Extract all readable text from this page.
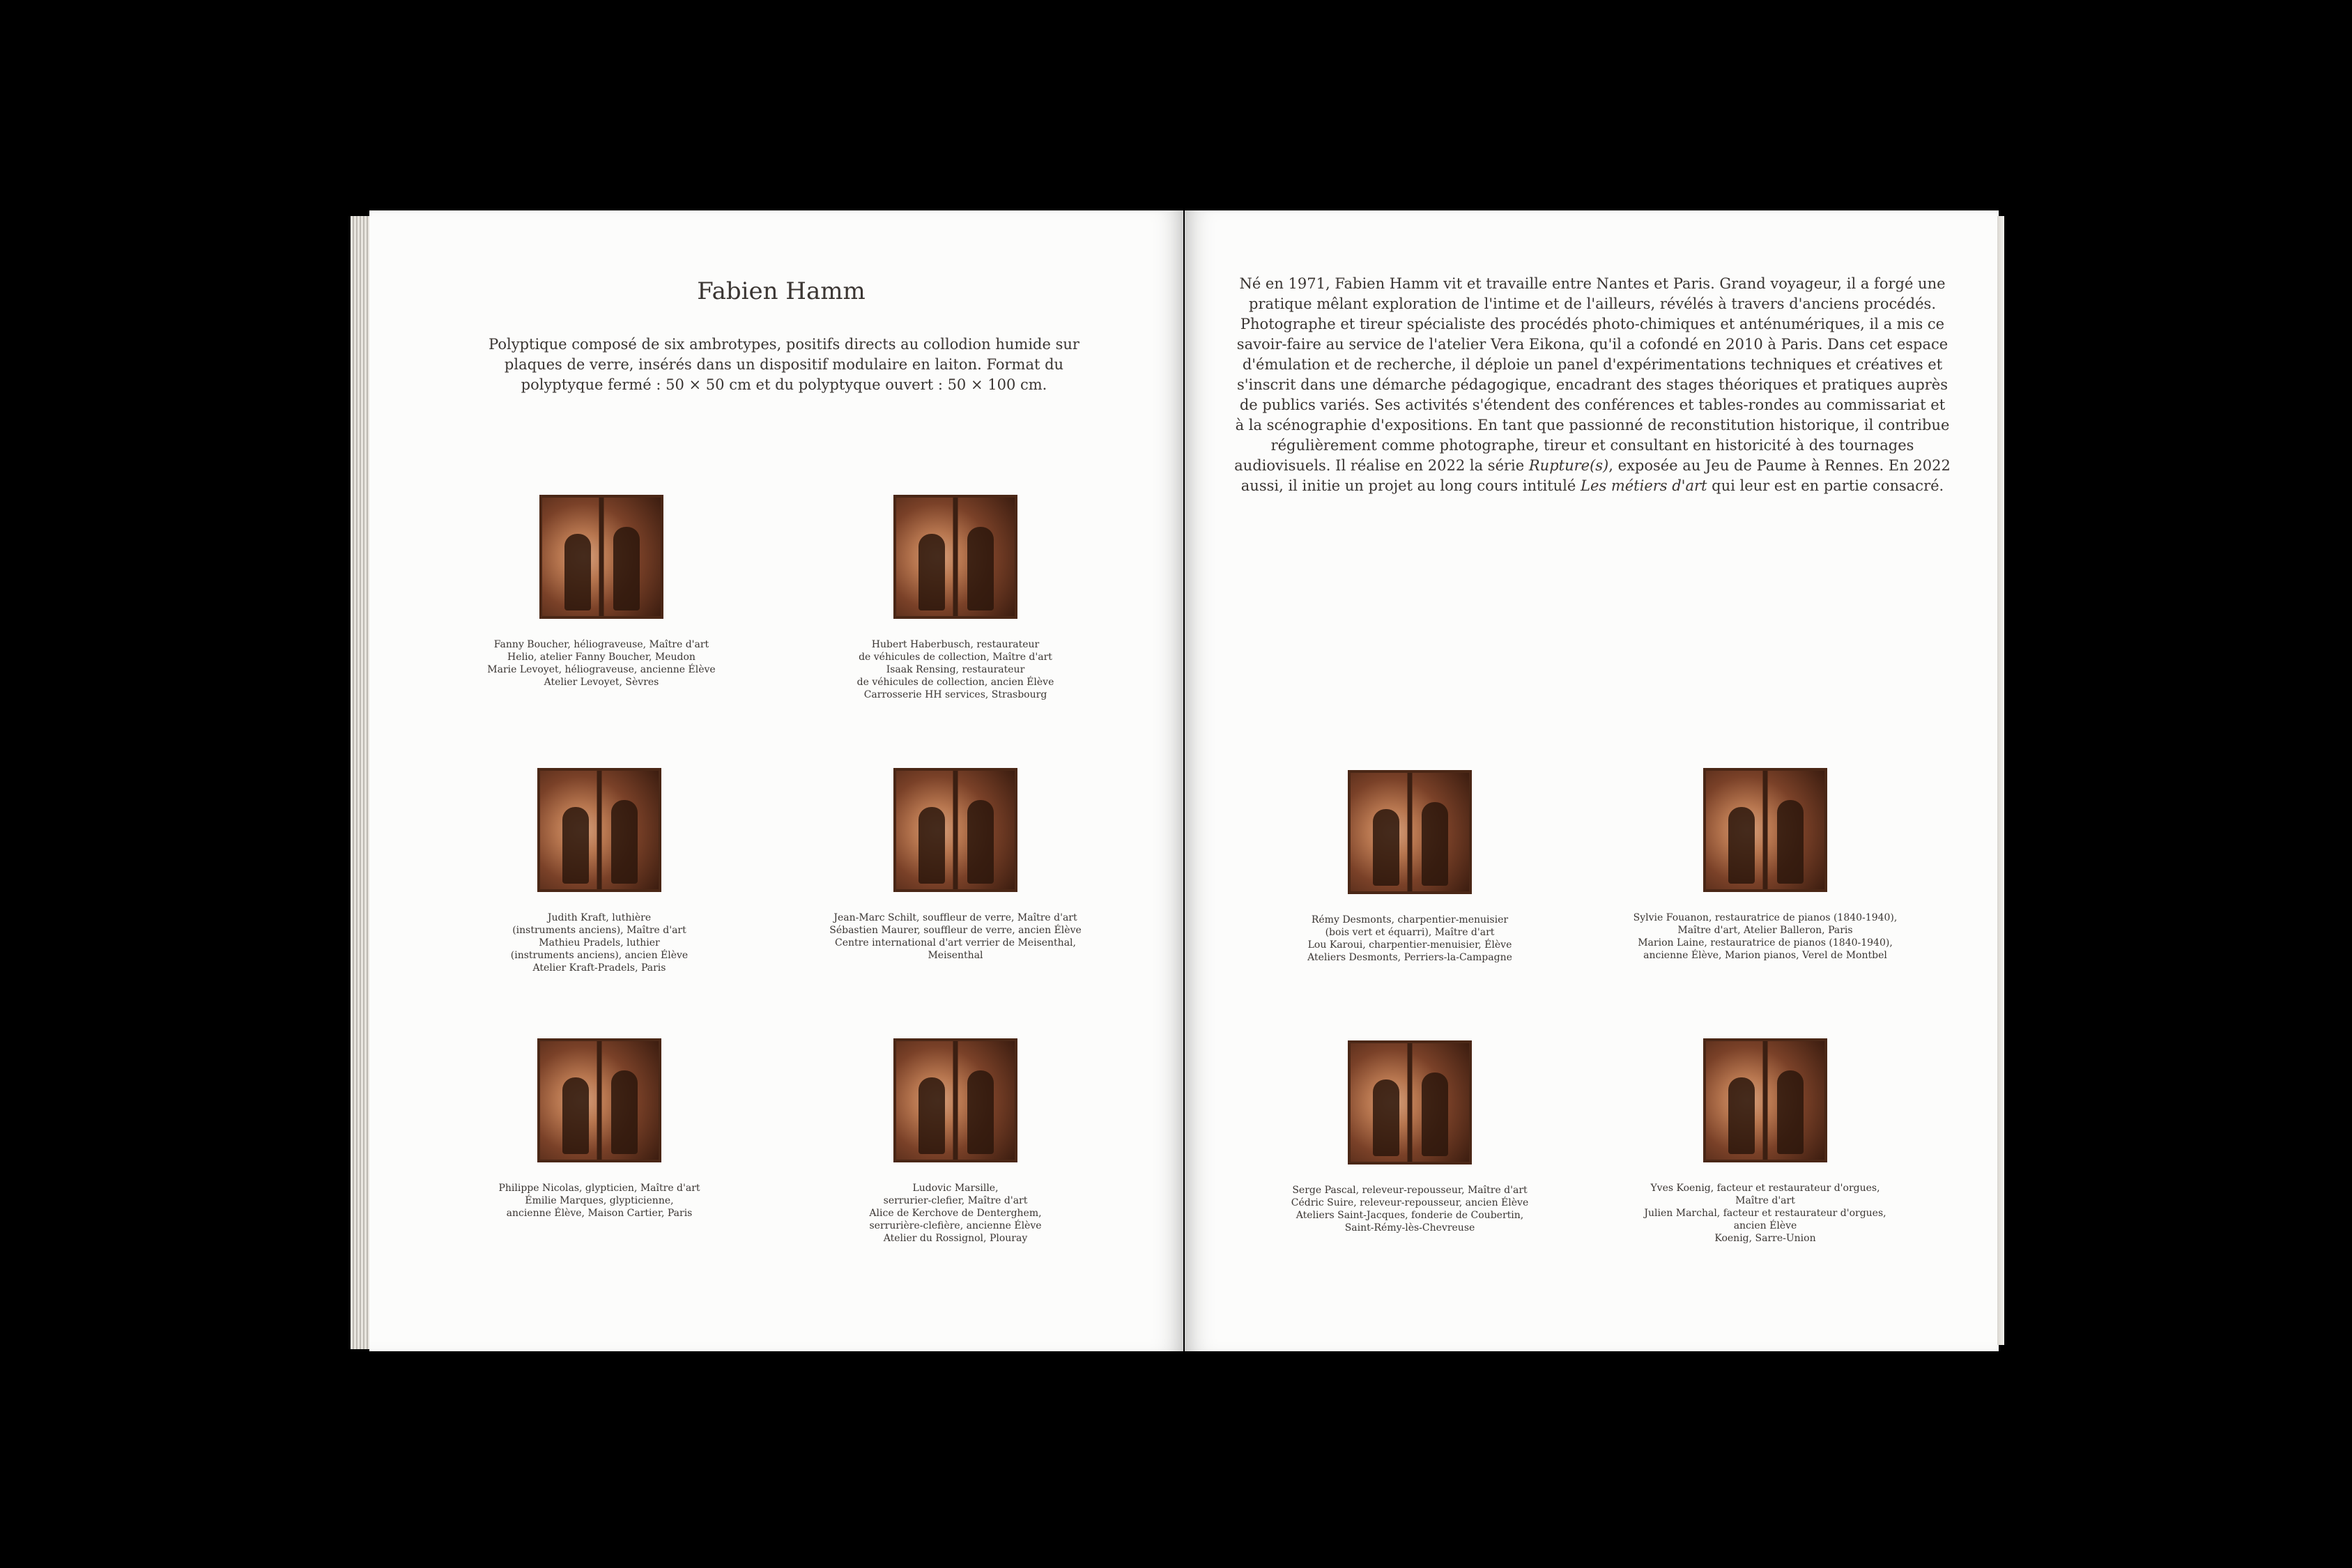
Fabien Hamm
Polyptique composé de six ambrotypes, positifs directs au collodion humide sur plaques de verre, insérés dans un dispositif modulaire en laiton. Format du polyptyque fermé : 50 × 50 cm et du polyptyque ouvert : 50 × 100 cm.
Fanny Boucher, héliograveuse, Maître d'art
Helio, atelier Fanny Boucher, Meudon
Marie Levoyet, héliograveuse, ancienne Élève
Atelier Levoyet, Sèvres
Hubert Haberbusch, restaurateur
de véhicules de collection, Maître d'art
Isaak Rensing, restaurateur
de véhicules de collection, ancien Élève
Carrosserie HH services, Strasbourg
Judith Kraft, luthière
(instruments anciens), Maître d'art
Mathieu Pradels, luthier
(instruments anciens), ancien Élève
Atelier Kraft-Pradels, Paris
Jean-Marc Schilt, souffleur de verre, Maître d'art
Sébastien Maurer, souffleur de verre, ancien Élève
Centre international d'art verrier de Meisenthal,
Meisenthal
Philippe Nicolas, glypticien, Maître d'art
Émilie Marques, glypticienne,
ancienne Élève, Maison Cartier, Paris
Ludovic Marsille,
serrurier-clefier, Maître d'art
Alice de Kerchove de Denterghem,
serrurière-clefière, ancienne Élève
Atelier du Rossignol, Plouray
Né en 1971, Fabien Hamm vit et travaille entre Nantes et Paris. Grand voyageur, il a forgé une pratique mêlant exploration de l'intime et de l'ailleurs, révélés à travers d'anciens procédés. Photographe et tireur spécialiste des procédés photo-chimiques et anténumériques, il a mis ce savoir-faire au service de l'atelier Vera Eikona, qu'il a cofondé en 2010 à Paris. Dans cet espace d'émulation et de recherche, il déploie un panel d'expérimentations techniques et créatives et s'inscrit dans une démarche pédagogique, encadrant des stages théoriques et pratiques auprès de publics variés. Ses activités s'étendent des conférences et tables-rondes au commissariat et à la scénographie d'expositions. En tant que passionné de reconstitution historique, il contribue régulièrement comme photographe, tireur et consultant en historicité à des tournages audiovisuels. Il réalise en 2022 la série Rupture(s), exposée au Jeu de Paume à Rennes. En 2022 aussi, il initie un projet au long cours intitulé Les métiers d'art qui leur est en partie consacré.
Rémy Desmonts, charpentier-menuisier
(bois vert et équarri), Maître d'art
Lou Karoui, charpentier-menuisier, Élève
Ateliers Desmonts, Perriers-la-Campagne
Sylvie Fouanon, restauratrice de pianos (1840-1940),
Maître d'art, Atelier Balleron, Paris
Marion Laine, restauratrice de pianos (1840-1940),
ancienne Élève, Marion pianos, Verel de Montbel
Serge Pascal, releveur-repousseur, Maître d'art
Cédric Suire, releveur-repousseur, ancien Élève
Ateliers Saint-Jacques, fonderie de Coubertin,
Saint-Rémy-lès-Chevreuse
Yves Koenig, facteur et restaurateur d'orgues, Maître d'art
Julien Marchal, facteur et restaurateur d'orgues, ancien Élève
Koenig, Sarre-Union
